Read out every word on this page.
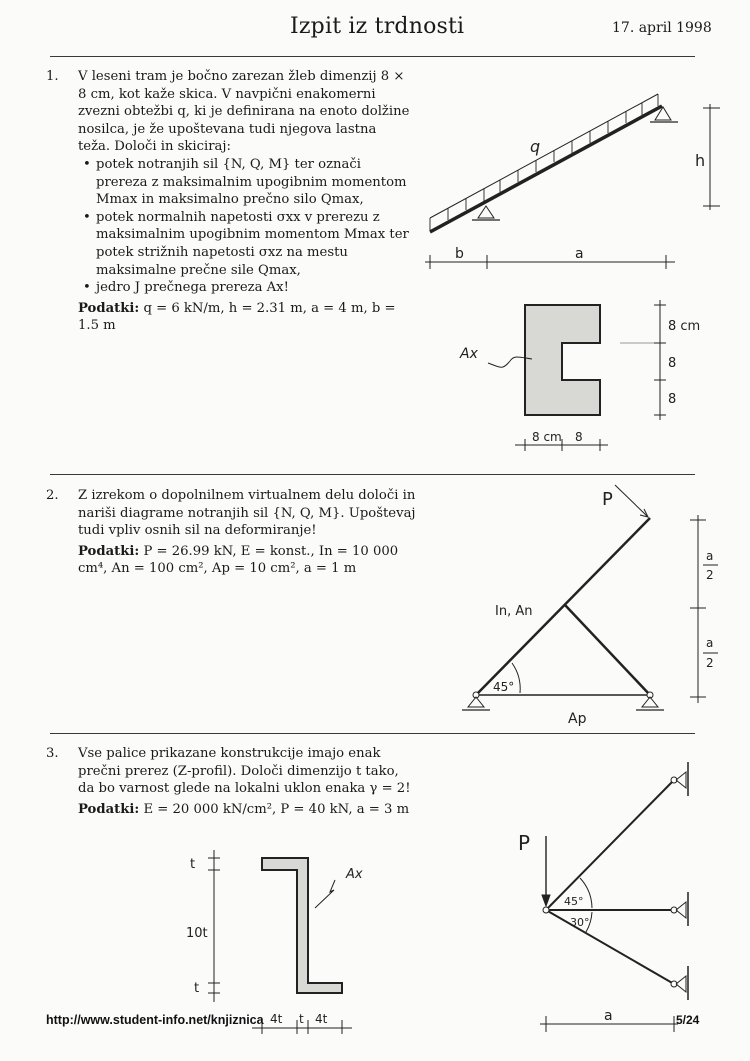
Izpit iz trdnosti	17. april 1998

1. V leseni tram je bočno zarezan žleb dimenzij 8 × 8 cm, kot kaže skica. V navpični enakomerni zvezni obtežbi q, ki je definirana na enoto dolžine nosilca, je že upoštevana tudi njegova lastna teža. Določi in skiciraj:

• potek notranjih sil {N, Q, M} ter označi prereza z maksimalnim upogibnim momentom Mmax in maksimalno prečno silo Qmax,
• potek normalnih napetosti σxx v prerezu z maksimalnim upogibnim momentom Mmax ter potek strižnih napetosti σxz na mestu maksimalne prečne sile Qmax,
• jedro J prečnega prereza Ax!
Podatki: q = 6 kN/m, h = 2.31 m, a = 4 m, b = 1.5 m
q
h
b	a
Ax
8 cm
8
8
8 cm 8

2. Z izrekom o dopolnilnem virtualnem delu določi in nariši diagrame notranjih sil {N, Q, M}. Upoštevaj tudi vpliv osnih sil na deformiranje!

Podatki: P = 26.99 kN, E = konst., In = 10 000 cm⁴, An = 100 cm², Ap = 10 cm², a = 1 m
P
In, An
45°
Ap
a
2
a
2

3. Vse palice prikazane konstrukcije imajo enak prečni prerez (Z-profil). Določi dimenzijo t tako, da bo varnost glede na lokalni uklon enaka γ = 2!

Podatki: E = 20 000 kN/cm², P = 40 kN, a = 3 m
Ax
t
10t
t
4t t 4t
P
45°
30°
a
http://www.student-info.net/knjiznica	5/24
